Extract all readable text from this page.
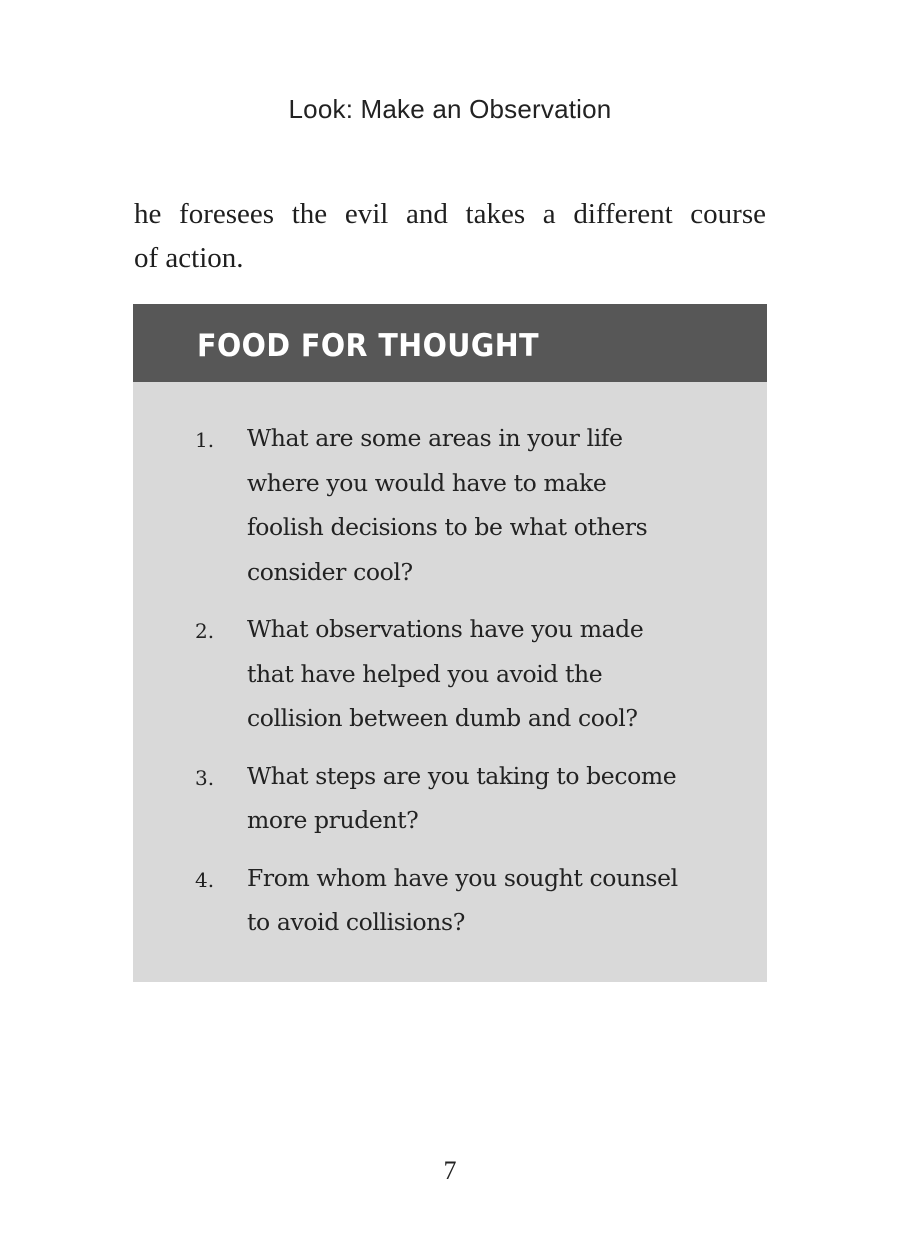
Look: Make an Observation
he foresees the evil and takes a different course
of action.
FOOD FOR THOUGHT
1. What are some areas in your life where you would have to make foolish decisions to be what others consider cool?
2. What observations have you made that have helped you avoid the collision between dumb and cool?
3. What steps are you taking to become more prudent?
4. From whom have you sought counsel to avoid collisions?
7
